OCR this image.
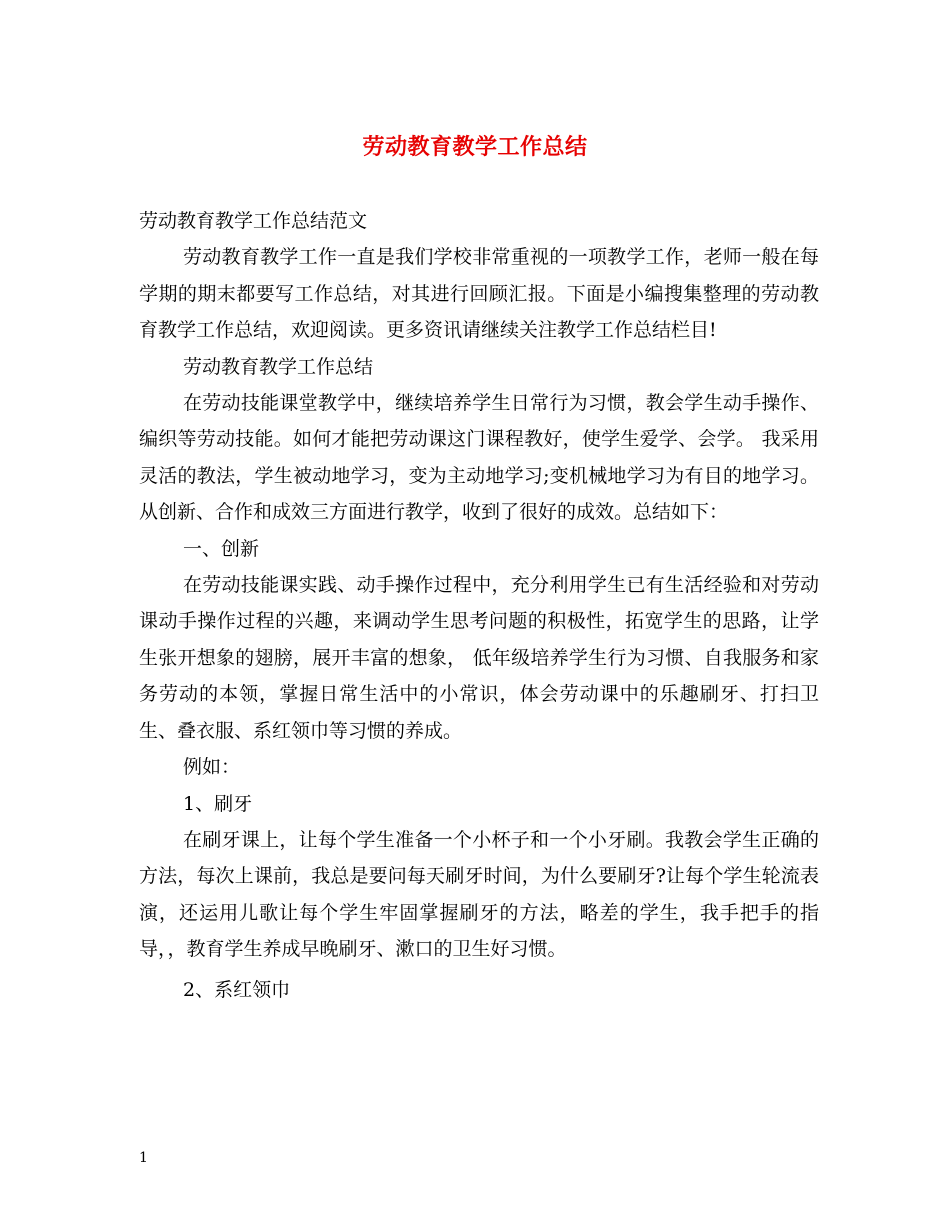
劳动教育教学工作总结

劳动教育教学工作总结范文

劳动教育教学工作一直是我们学校非常重视的一项教学工作，老师一般在每学期的期末都要写工作总结，对其进行回顾汇报。下面是小编搜集整理的劳动教育教学工作总结，欢迎阅读。更多资讯请继续关注教学工作总结栏目!

劳动教育教学工作总结

在劳动技能课堂教学中，继续培养学生日常行为习惯，教会学生动手操作、编织等劳动技能。如何才能把劳动课这门课程教好，使学生爱学、会学。 我采用灵活的教法，学生被动地学习，变为主动地学习;变机械地学习为有目的地学习。从创新、合作和成效三方面进行教学，收到了很好的成效。总结如下：

一、创新

在劳动技能课实践、动手操作过程中，充分利用学生已有生活经验和对劳动课动手操作过程的兴趣，来调动学生思考问题的积极性，拓宽学生的思路，让学生张开想象的翅膀，展开丰富的想象， 低年级培养学生行为习惯、自我服务和家务劳动的本领，掌握日常生活中的小常识，体会劳动课中的乐趣刷牙、打扫卫生、叠衣服、系红领巾等习惯的养成。

例如：

1、刷牙

在刷牙课上，让每个学生准备一个小杯子和一个小牙刷。我教会学生正确的方法，每次上课前，我总是要问每天刷牙时间，为什么要刷牙?让每个学生轮流表演，还运用儿歌让每个学生牢固掌握刷牙的方法，略差的学生，我手把手的指导，，教育学生养成早晚刷牙、漱口的卫生好习惯。

2、系红领巾

1
